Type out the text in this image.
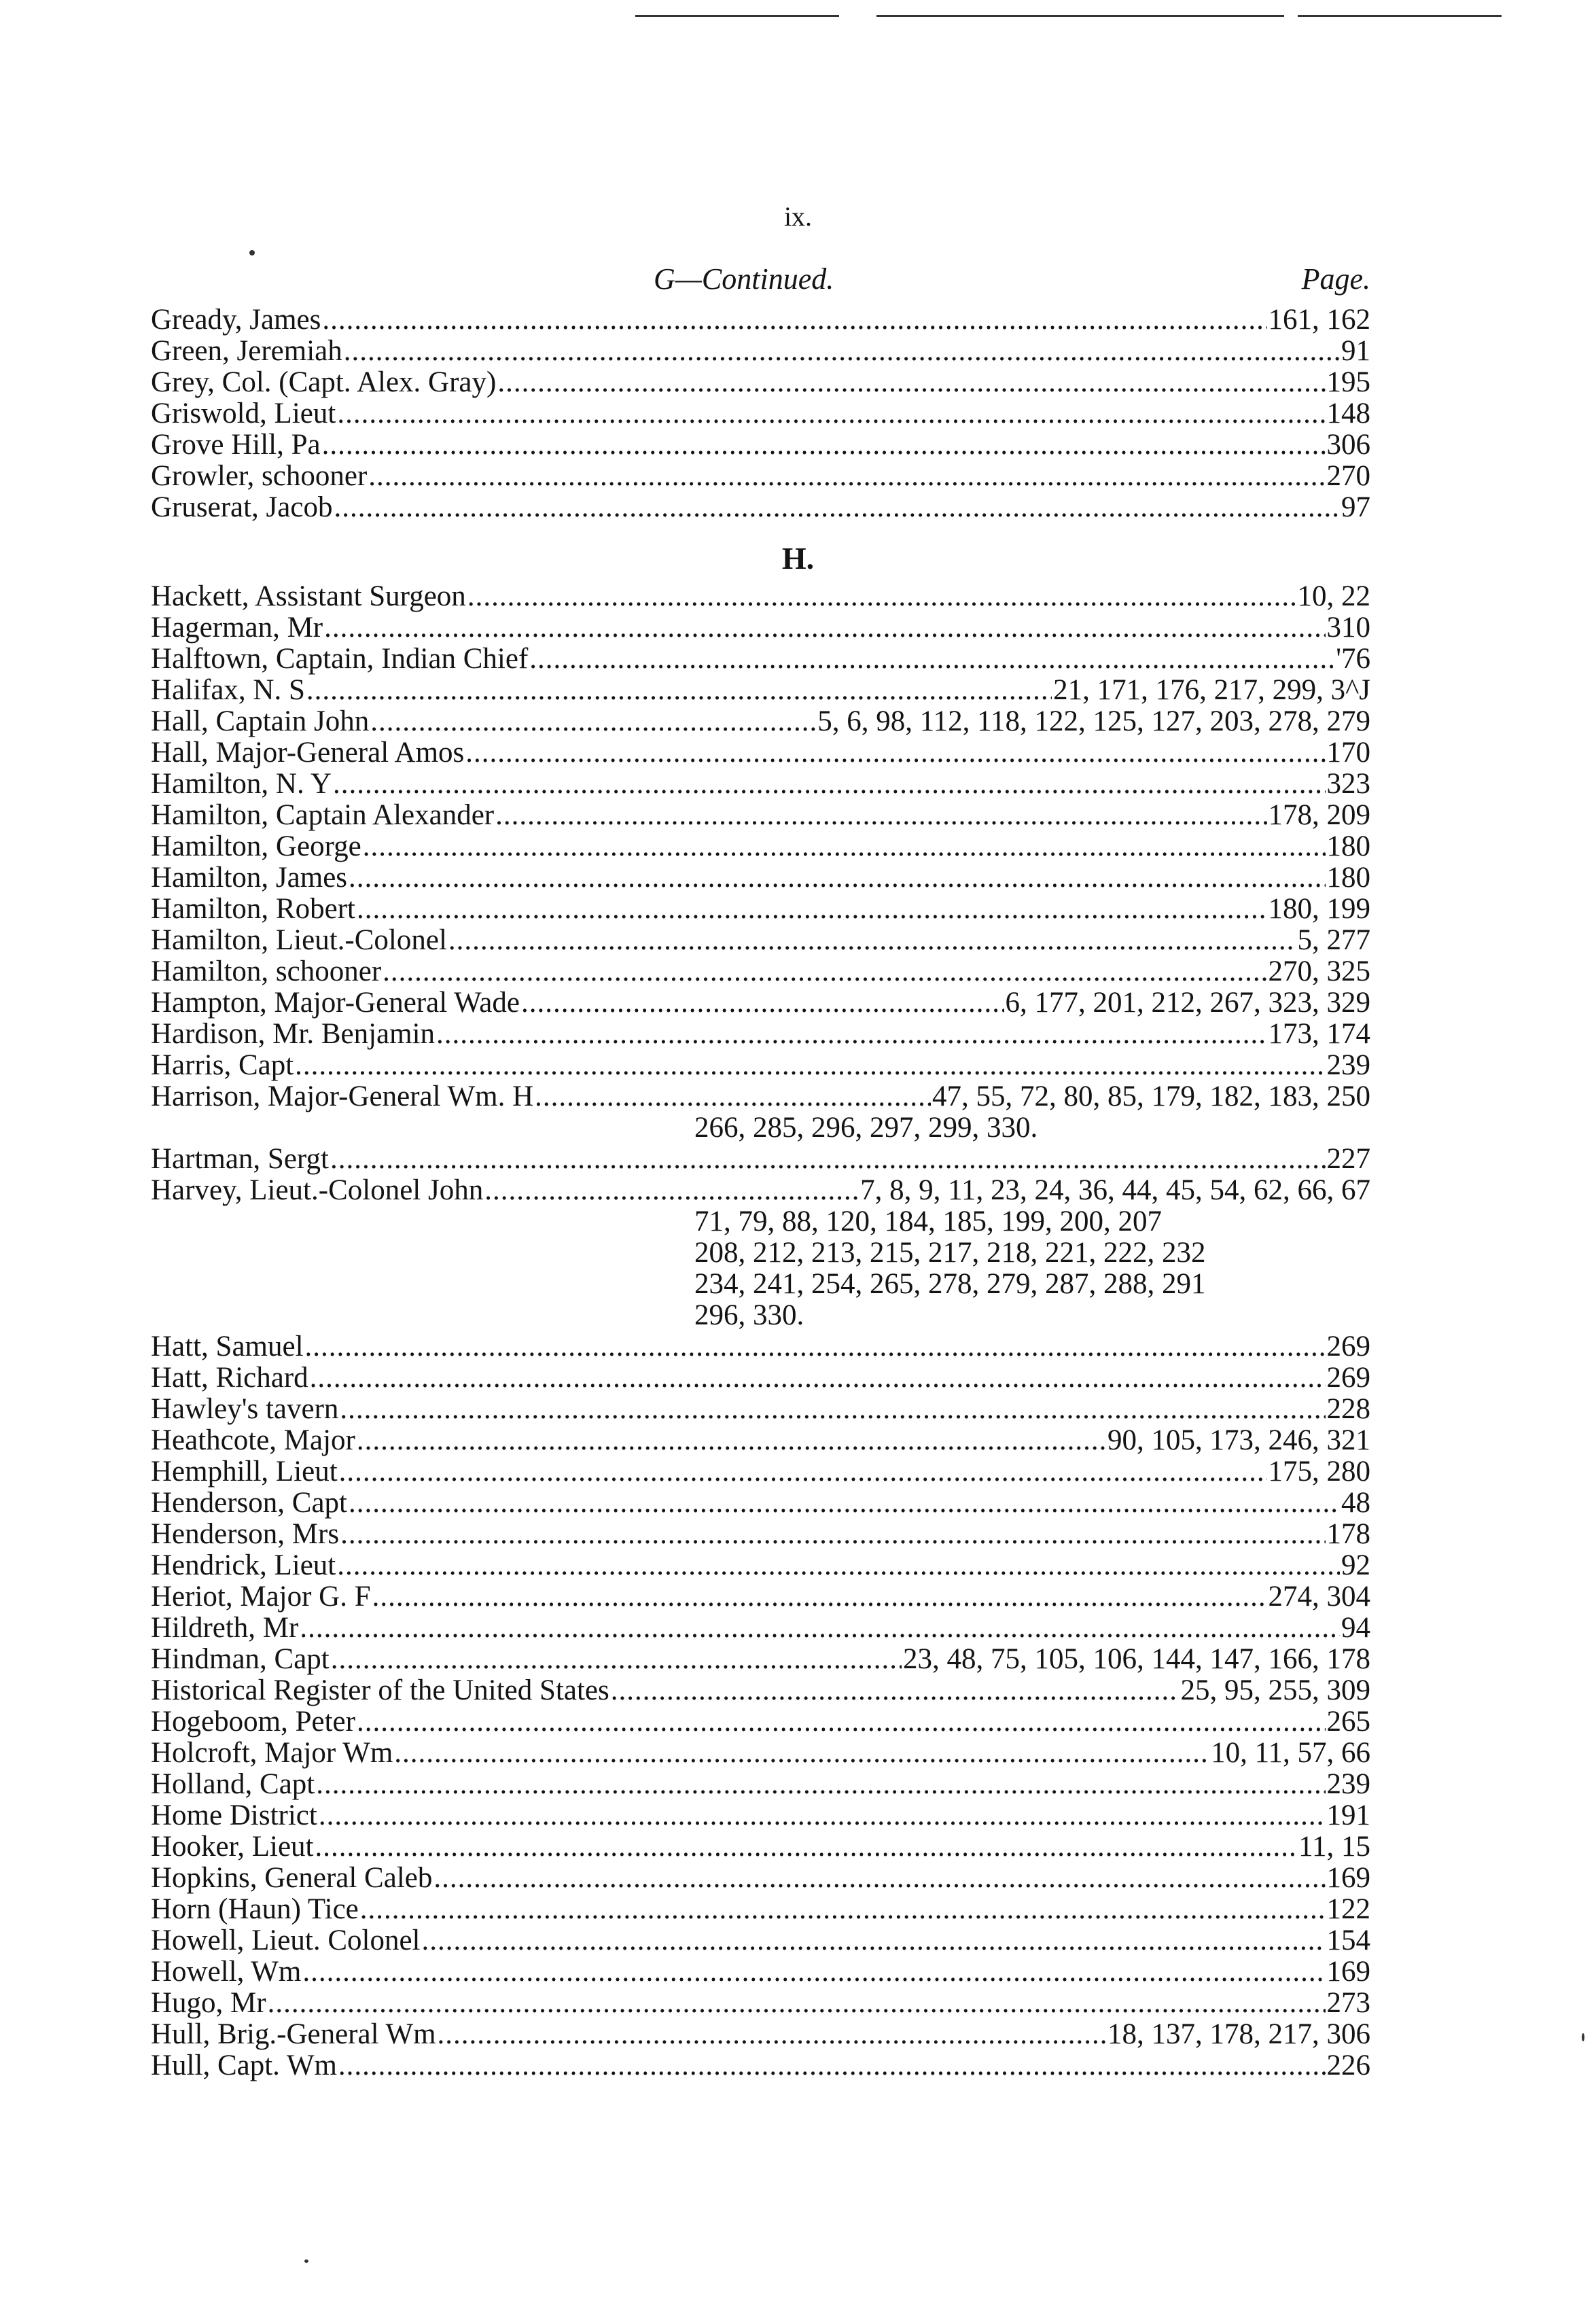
ix.
G—Continued.	Page.
Gready, James .....	161, 162
Green, Jeremiah .....	91
Grey, Col. (Capt. Alex. Gray) .....	195
Griswold, Lieut .....	148
Grove Hill, Pa .....	306
Growler, schooner .....	270
Gruserat, Jacob .....	97
H.
Hackett, Assistant Surgeon .....	10, 22
Hagerman, Mr .....	310
Halftown, Captain, Indian Chief .....	'76
Halifax, N. S .....	21, 171, 176, 217, 299, 3^J
Hall, Captain John .....	5, 6, 98, 112, 118, 122, 125, 127, 203, 278, 279
Hall, Major-General Amos .....	170
Hamilton, N. Y .....	323
Hamilton, Captain Alexander .....	178, 209
Hamilton, George .....	180
Hamilton, James .....	180
Hamilton, Robert .....	180, 199
Hamilton, Lieut.-Colonel .....	5, 277
Hamilton, schooner .....	270, 325
Hampton, Major-General Wade .....	6, 177, 201, 212, 267, 323, 329
Hardison, Mr. Benjamin .....	173, 174
Harris, Capt .....	239
Harrison, Major-General Wm. H .....	47, 55, 72, 80, 85, 179, 182, 183, 250
266, 285, 296, 297, 299, 330.
Hartman, Sergt .....	227
Harvey, Lieut.-Colonel John .....	7, 8, 9, 11, 23, 24, 36, 44, 45, 54, 62, 66, 67
71, 79, 88, 120, 184, 185, 199, 200, 207
208, 212, 213, 215, 217, 218, 221, 222, 232
234, 241, 254, 265, 278, 279, 287, 288, 291
296, 330.
Hatt, Samuel .....	269
Hatt, Richard .....	269
Hawley's tavern .....	228
Heathcote, Major .....	90, 105, 173, 246, 321
Hemphill, Lieut .....	175, 280
Henderson, Capt .....	48
Henderson, Mrs .....	178
Hendrick, Lieut .....	92
Heriot, Major G. F .....	274, 304
Hildreth, Mr .....	94
Hindman, Capt .....	23, 48, 75, 105, 106, 144, 147, 166, 178
Historical Register of the United States .....	25, 95, 255, 309
Hogeboom, Peter .....	265
Holcroft, Major Wm .....	10, 11, 57, 66
Holland, Capt .....	239
Home District .....	191
Hooker, Lieut .....	11, 15
Hopkins, General Caleb .....	169
Horn (Haun) Tice .....	122
Howell, Lieut. Colonel .....	154
Howell, Wm .....	169
Hugo, Mr .....	273
Hull, Brig.-General Wm .....	18, 137, 178, 217, 306
Hull, Capt. Wm .....	226
